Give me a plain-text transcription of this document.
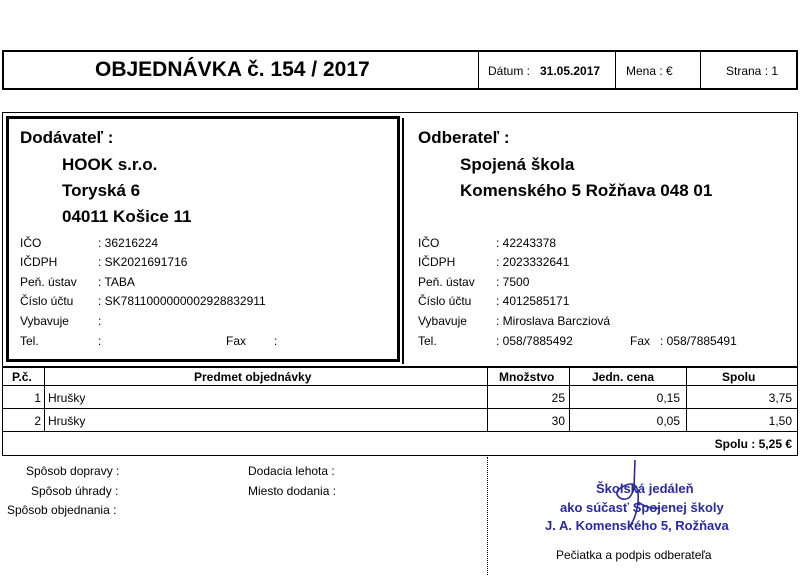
OBJEDNÁVKA č. 154 / 2017	Dátum : 31.05.2017 Mena : €	Strana : 1
Dodávateľ :
HOOK s.r.o.
Toryská 6
04011 Košice 11
IČO	: 36216224
IČDPH	: SK2021691716
Peň. ústav : TABA
Číslo účtu : SK7811000000002928832911
Vybavuje :
Tel.	:	Fax :
Odberateľ :
Spojená škola
Komenského 5 Rožňava 048 01
IČO	: 42243378
IČDPH	: 2023332641
Peň. ústav : 7500
Číslo účtu : 4012585171
Vybavuje : Miroslava Barcziová
Tel.	: 058/7885492	Fax : 058/7885491
P.č.	Predmet objednávky	Množstvo	Jedn. cena	Spolu
1 Hrušky	25	0,15	3,75
2 Hrušky	30	0,05	1,50
Spolu : 5,25 €
Spôsob dopravy :
Spôsob úhrady :
Spôsob objednania :
Dodacia lehota :
Miesto dodania :	Školská jedáleň
ako súčasť Spojenej školy
J. A. Komenského 5, Rožňava
Pečiatka a podpis odberateľa
